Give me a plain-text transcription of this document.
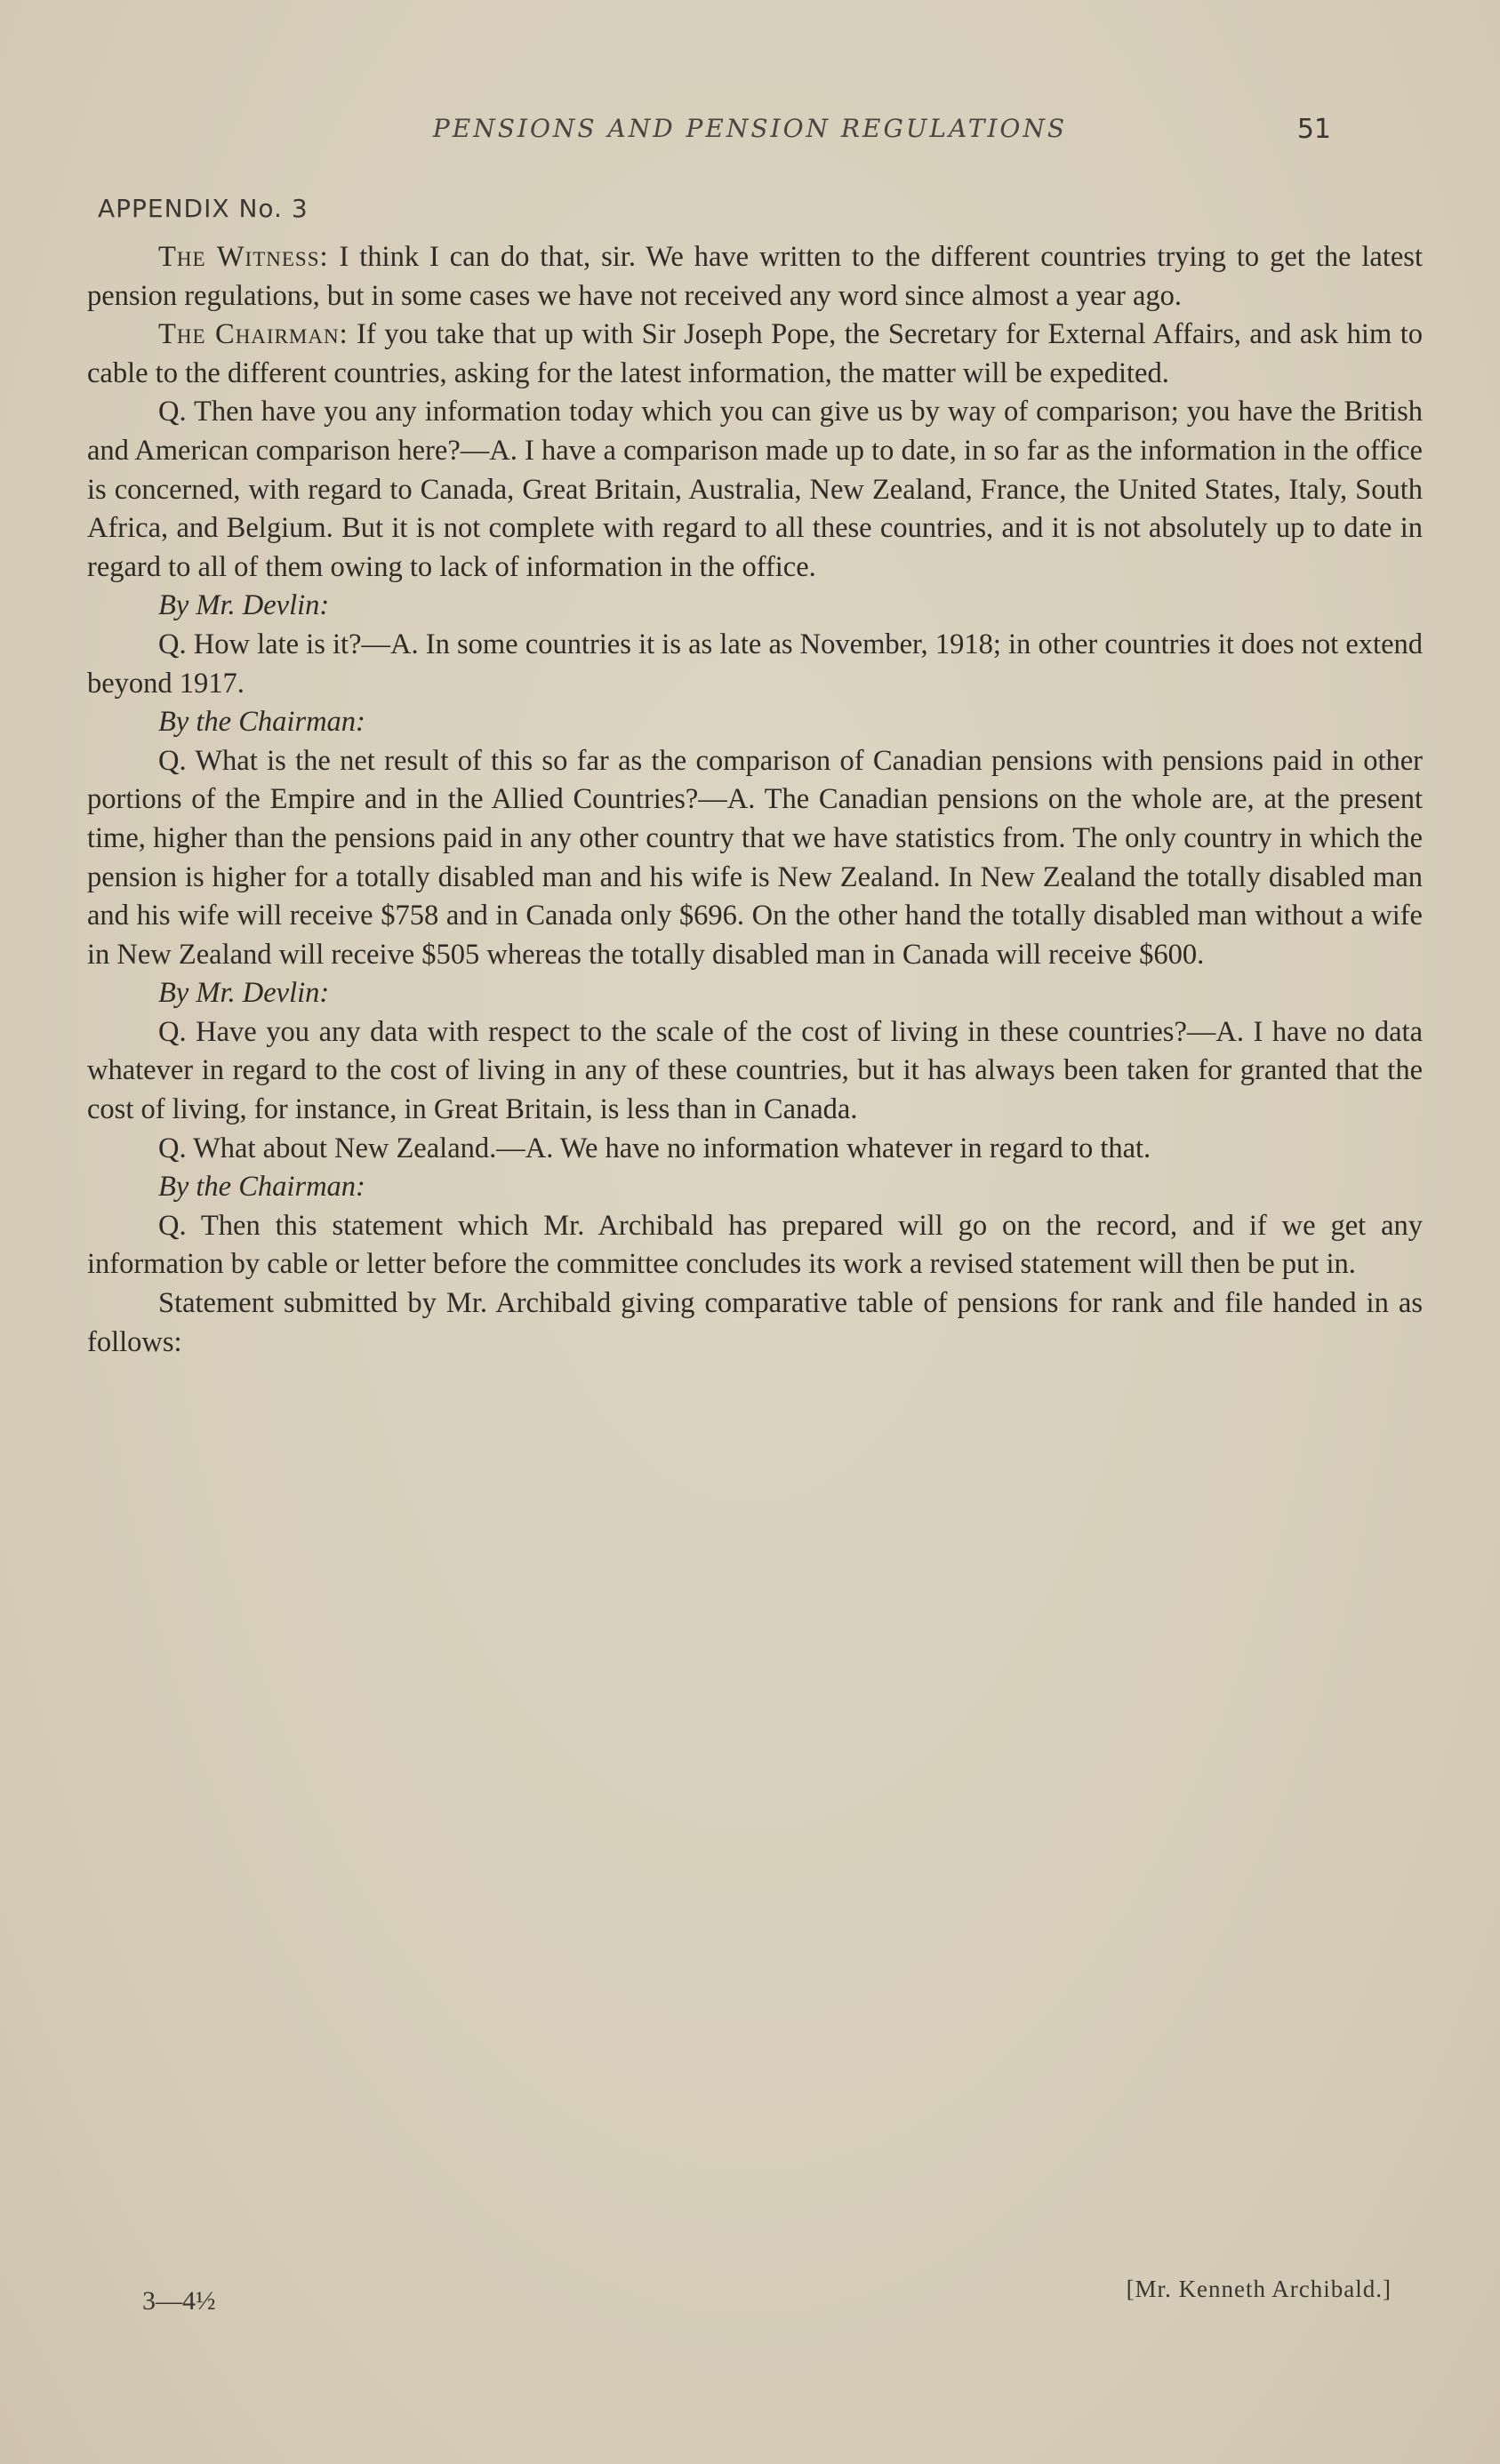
PENSIONS AND PENSION REGULATIONS	51
APPENDIX No. 3

The Witness: I think I can do that, sir. We have written to the different countries trying to get the latest pension regulations, but in some cases we have not received any word since almost a year ago.

The Chairman: If you take that up with Sir Joseph Pope, the Secretary for External Affairs, and ask him to cable to the different countries, asking for the latest information, the matter will be expedited.

Q. Then have you any information today which you can give us by way of comparison; you have the British and American comparison here?—A. I have a comparison made up to date, in so far as the information in the office is concerned, with regard to Canada, Great Britain, Australia, New Zealand, France, the United States, Italy, South Africa, and Belgium. But it is not complete with regard to all these countries, and it is not absolutely up to date in regard to all of them owing to lack of information in the office.

By Mr. Devlin:

Q. How late is it?—A. In some countries it is as late as November, 1918; in other countries it does not extend beyond 1917.

By the Chairman:

Q. What is the net result of this so far as the comparison of Canadian pensions with pensions paid in other portions of the Empire and in the Allied Countries?—A. The Canadian pensions on the whole are, at the present time, higher than the pensions paid in any other country that we have statistics from. The only country in which the pension is higher for a totally disabled man and his wife is New Zealand. In New Zealand the totally disabled man and his wife will receive $758 and in Canada only $696. On the other hand the totally disabled man without a wife in New Zealand will receive $505 whereas the totally disabled man in Canada will receive $600.

By Mr. Devlin:

Q. Have you any data with respect to the scale of the cost of living in these countries?—A. I have no data whatever in regard to the cost of living in any of these countries, but it has always been taken for granted that the cost of living, for instance, in Great Britain, is less than in Canada.

Q. What about New Zealand.—A. We have no information whatever in regard to that.

By the Chairman:

Q. Then this statement which Mr. Archibald has prepared will go on the record, and if we get any information by cable or letter before the committee concludes its work a revised statement will then be put in.

Statement submitted by Mr. Archibald giving comparative table of pensions for rank and file handed in as follows:

3—4½	[Mr. Kenneth Archibald.]
